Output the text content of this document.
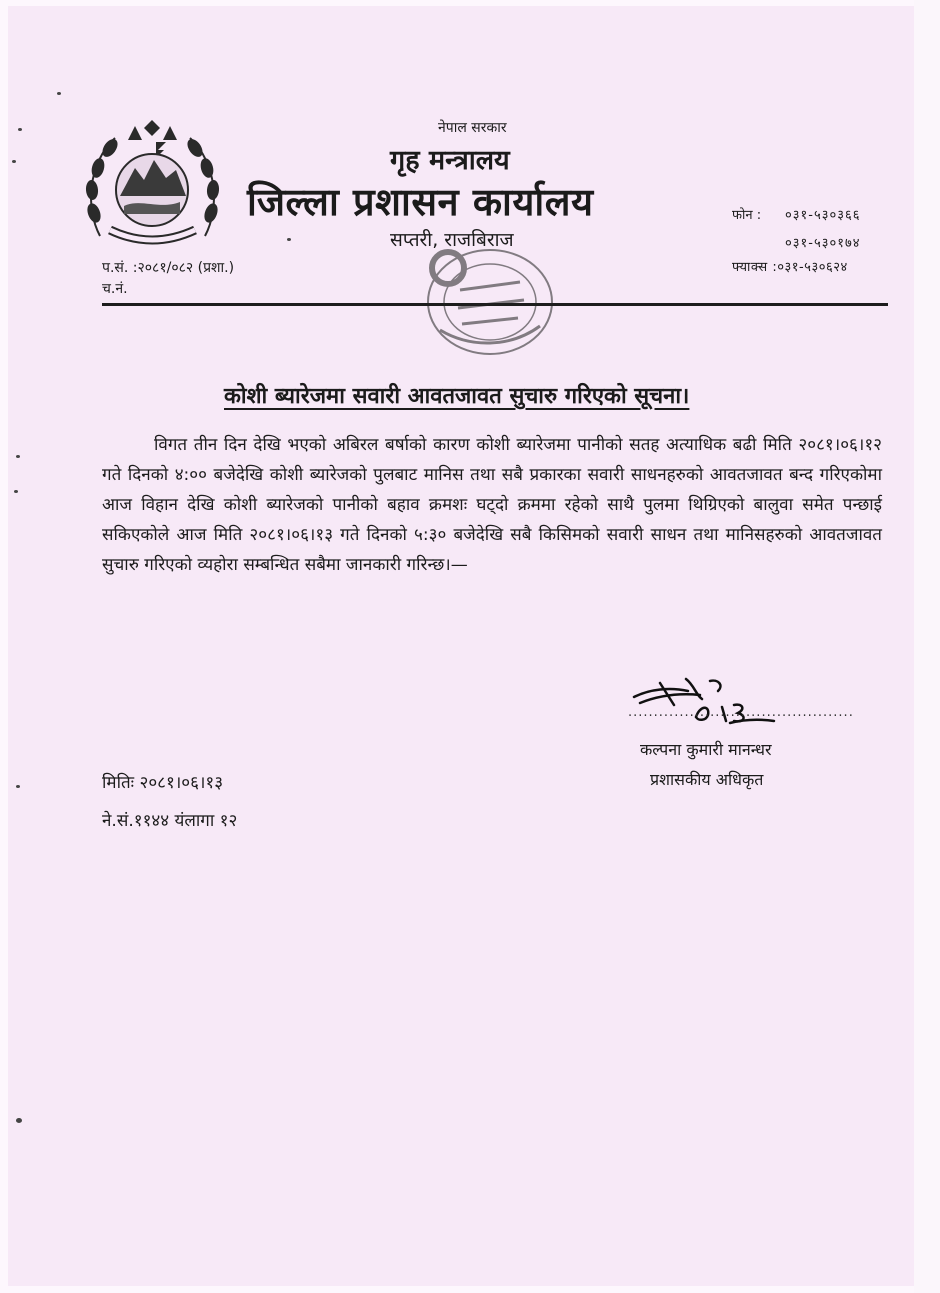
नेपाल सरकार
गृह मन्त्रालय
जिल्ला प्रशासन कार्यालय
सप्तरी, राजबिराज
प.सं. :२०८१/०८२ (प्रशा.)
च.नं.
फोन : ०३१-५३०३६६
०३१-५३०१७४
फ्याक्स :०३१-५३०६२४
कोशी ब्यारेजमा सवारी आवतजावत सुचारु गरिएको सूचना।

विगत तीन दिन देखि भएको अबिरल बर्षाको कारण कोशी ब्यारेजमा पानीको सतह अत्याधिक बढी मिति २०८१।०६।१२ गते दिनको ४:०० बजेदेखि कोशी ब्यारेजको पुलबाट मानिस तथा सबै प्रकारका सवारी साधनहरुको आवतजावत बन्द गरिएकोमा आज विहान देखि कोशी ब्यारेजको पानीको बहाव क्रमशः घट्दो क्रममा रहेको साथै पुलमा थिग्रिएको बालुवा समेत पन्छाई सकिएकोले आज मिति २०८१।०६।१३ गते दिनको ५:३० बजेदेखि सबै किसिमको सवारी साधन तथा मानिसहरुको आवतजावत सुचारु गरिएको व्यहोरा सम्बन्धित सबैमा जानकारी गरिन्छ।—

............................................
कल्पना कुमारी मानन्धर
प्रशासकीय अधिकृत
मितिः २०८१।०६।१३
ने.सं.११४४ यंलागा १२
